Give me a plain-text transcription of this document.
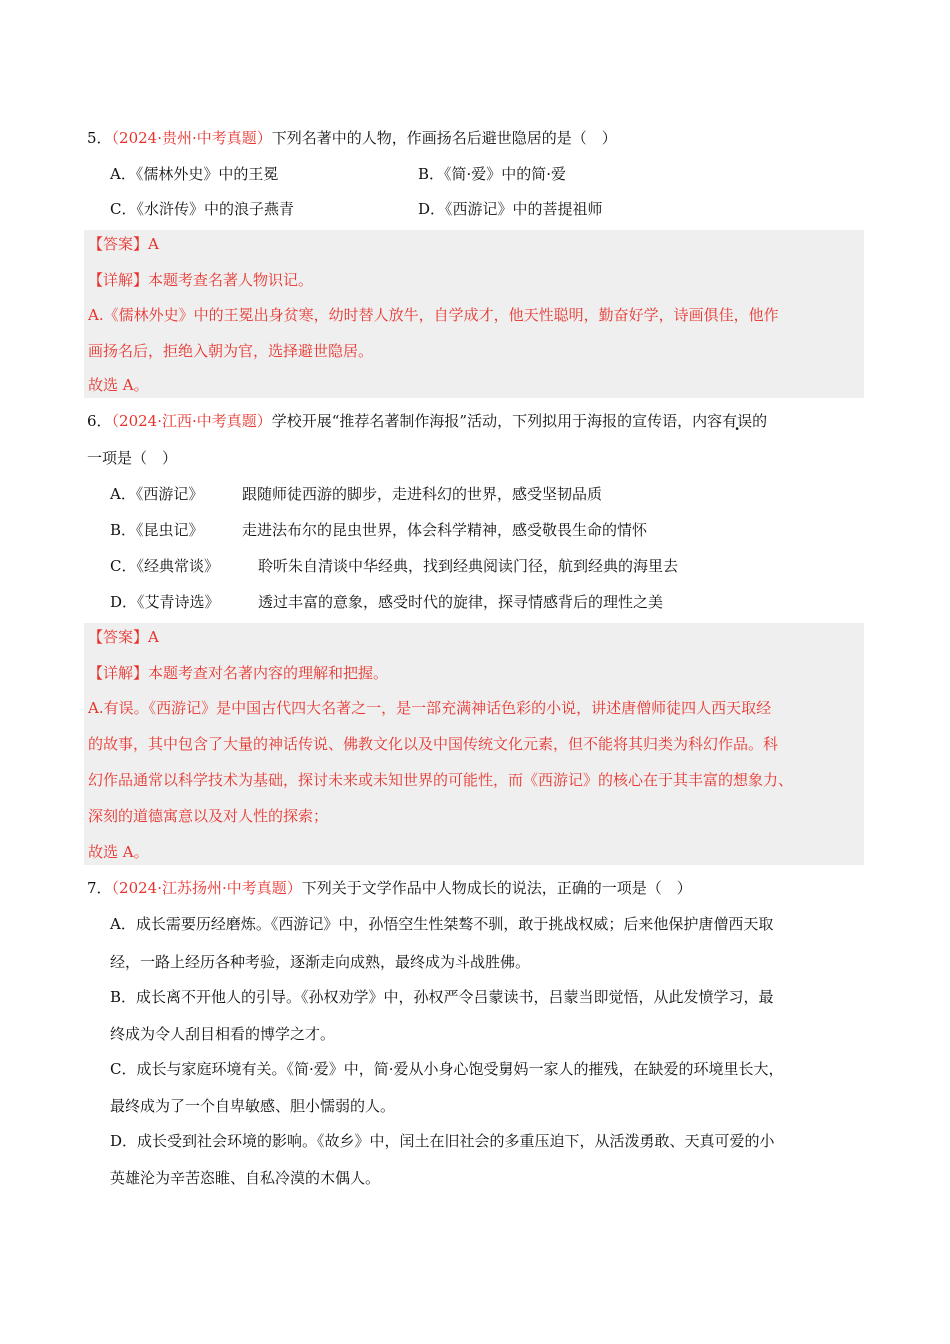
5．（2024·贵州·中考真题）下列名著中的人物，作画扬名后避世隐居的是（　）
A．《儒林外史》中的王冕	B．《简·爱》中的简·爱
C．《水浒传》中的浪子燕青	D．《西游记》中的菩提祖师
【答案】A
【详解】本题考查名著人物识记。
A.《儒林外史》中的王冕出身贫寒，幼时替人放牛，自学成才，他天性聪明，勤奋好学，诗画俱佳，他作
画扬名后，拒绝入朝为官，选择避世隐居。
故选 A。
6．（2024·江西·中考真题）学校开展“推荐名著制作海报”活动，下列拟用于海报的宣传语，内容有误的
一项是（　）
A．《西游记》	跟随师徒西游的脚步，走进科幻的世界，感受坚韧品质
B．《昆虫记》	走进法布尔的昆虫世界，体会科学精神，感受敬畏生命的情怀
C．《经典常谈》	聆听朱自清谈中华经典，找到经典阅读门径，航到经典的海里去
D．《艾青诗选》	透过丰富的意象，感受时代的旋律，探寻情感背后的理性之美
【答案】A
【详解】本题考查对名著内容的理解和把握。
A.有误。《西游记》是中国古代四大名著之一，是一部充满神话色彩的小说，讲述唐僧师徒四人西天取经
的故事，其中包含了大量的神话传说、佛教文化以及中国传统文化元素，但不能将其归类为科幻作品。科
幻作品通常以科学技术为基础，探讨未来或未知世界的可能性，而《西游记》的核心在于其丰富的想象力、
深刻的道德寓意以及对人性的探索；
故选 A。
7．（2024·江苏扬州·中考真题）下列关于文学作品中人物成长的说法，正确的一项是（　）
A．成长需要历经磨炼。《西游记》中，孙悟空生性桀骜不驯，敢于挑战权威；后来他保护唐僧西天取
经，一路上经历各种考验，逐渐走向成熟，最终成为斗战胜佛。
B．成长离不开他人的引导。《孙权劝学》中，孙权严令吕蒙读书，吕蒙当即觉悟，从此发愤学习，最
终成为令人刮目相看的博学之才。
C．成长与家庭环境有关。《简·爱》中，简·爱从小身心饱受舅妈一家人的摧残，在缺爱的环境里长大，
最终成为了一个自卑敏感、胆小懦弱的人。
D．成长受到社会环境的影响。《故乡》中，闰土在旧社会的多重压迫下，从活泼勇敢、天真可爱的小
英雄沦为辛苦恣睢、自私冷漠的木偶人。
